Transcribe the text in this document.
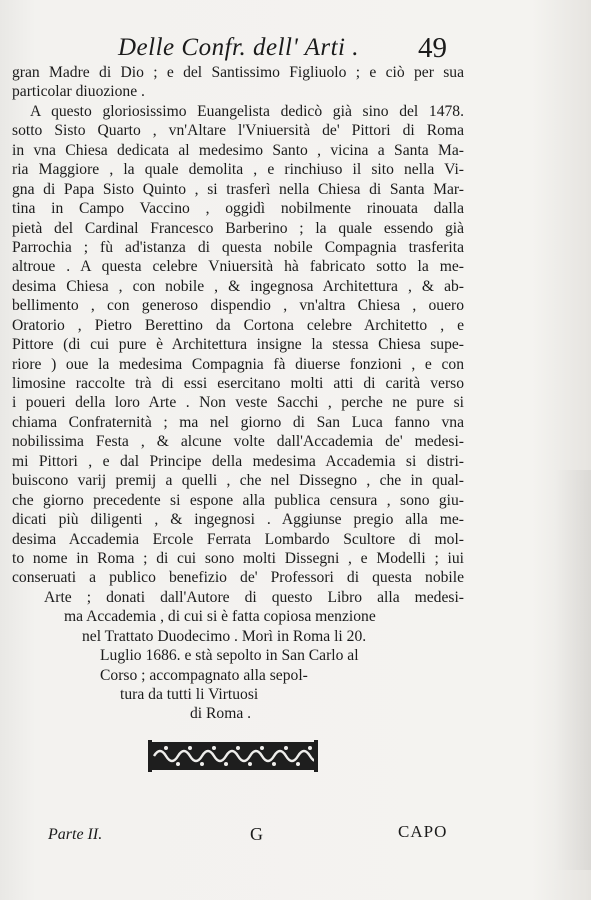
Delle Confr. dell' Arti .	49
gran Madre di Dio ; e del Santissimo Figliuolo ; e ciò per sua
particolar diuozione .
A questo gloriosissimo Euangelista dedicò già sino del 1478.
sotto Sisto Quarto , vn'Altare l'Vniuersità de' Pittori di Roma
in vna Chiesa dedicata al medesimo Santo , vicina a Santa Ma-
ria Maggiore , la quale demolita , e rinchiuso il sito nella Vi-
gna di Papa Sisto Quinto , si trasferì nella Chiesa di Santa Mar-
tina in Campo Vaccino , oggidì nobilmente rinouata dalla
pietà del Cardinal Francesco Barberino ; la quale essendo già
Parrochia ; fù ad'istanza di questa nobile Compagnia trasferita
altroue . A questa celebre Vniuersità hà fabricato sotto la me-
desima Chiesa , con nobile , & ingegnosa Architettura , & ab-
bellimento , con generoso dispendio , vn'altra Chiesa , ouero
Oratorio , Pietro Berettino da Cortona celebre Architetto , e
Pittore (di cui pure è Architettura insigne la stessa Chiesa supe-
riore ) oue la medesima Compagnia fà diuerse fonzioni , e con
limosine raccolte trà di essi esercitano molti atti di carità verso
i poueri della loro Arte . Non veste Sacchi , perche ne pure si
chiama Confraternità ; ma nel giorno di San Luca fanno vna
nobilissima Festa , & alcune volte dall'Accademia de' medesi-
mi Pittori , e dal Principe della medesima Accademia si distri-
buiscono varij premij a quelli , che nel Dissegno , che in qual-
che giorno precedente si espone alla publica censura , sono giu-
dicati più diligenti , & ingegnosi . Aggiunse pregio alla me-
desima Accademia Ercole Ferrata Lombardo Scultore di mol-
to nome in Roma ; di cui sono molti Dissegni , e Modelli ; iui
conseruati a publico benefizio de' Professori di questa nobile
Arte ; donati dall'Autore di questo Libro alla medesi-
ma Accademia , di cui si è fatta copiosa menzione
nel Trattato Duodecimo . Morì in Roma li 20.
Luglio 1686. e stà sepolto in San Carlo al
Corso ; accompagnato alla sepol-
tura da tutti li Virtuosi
di Roma .
Parte II.	G	CAPO
